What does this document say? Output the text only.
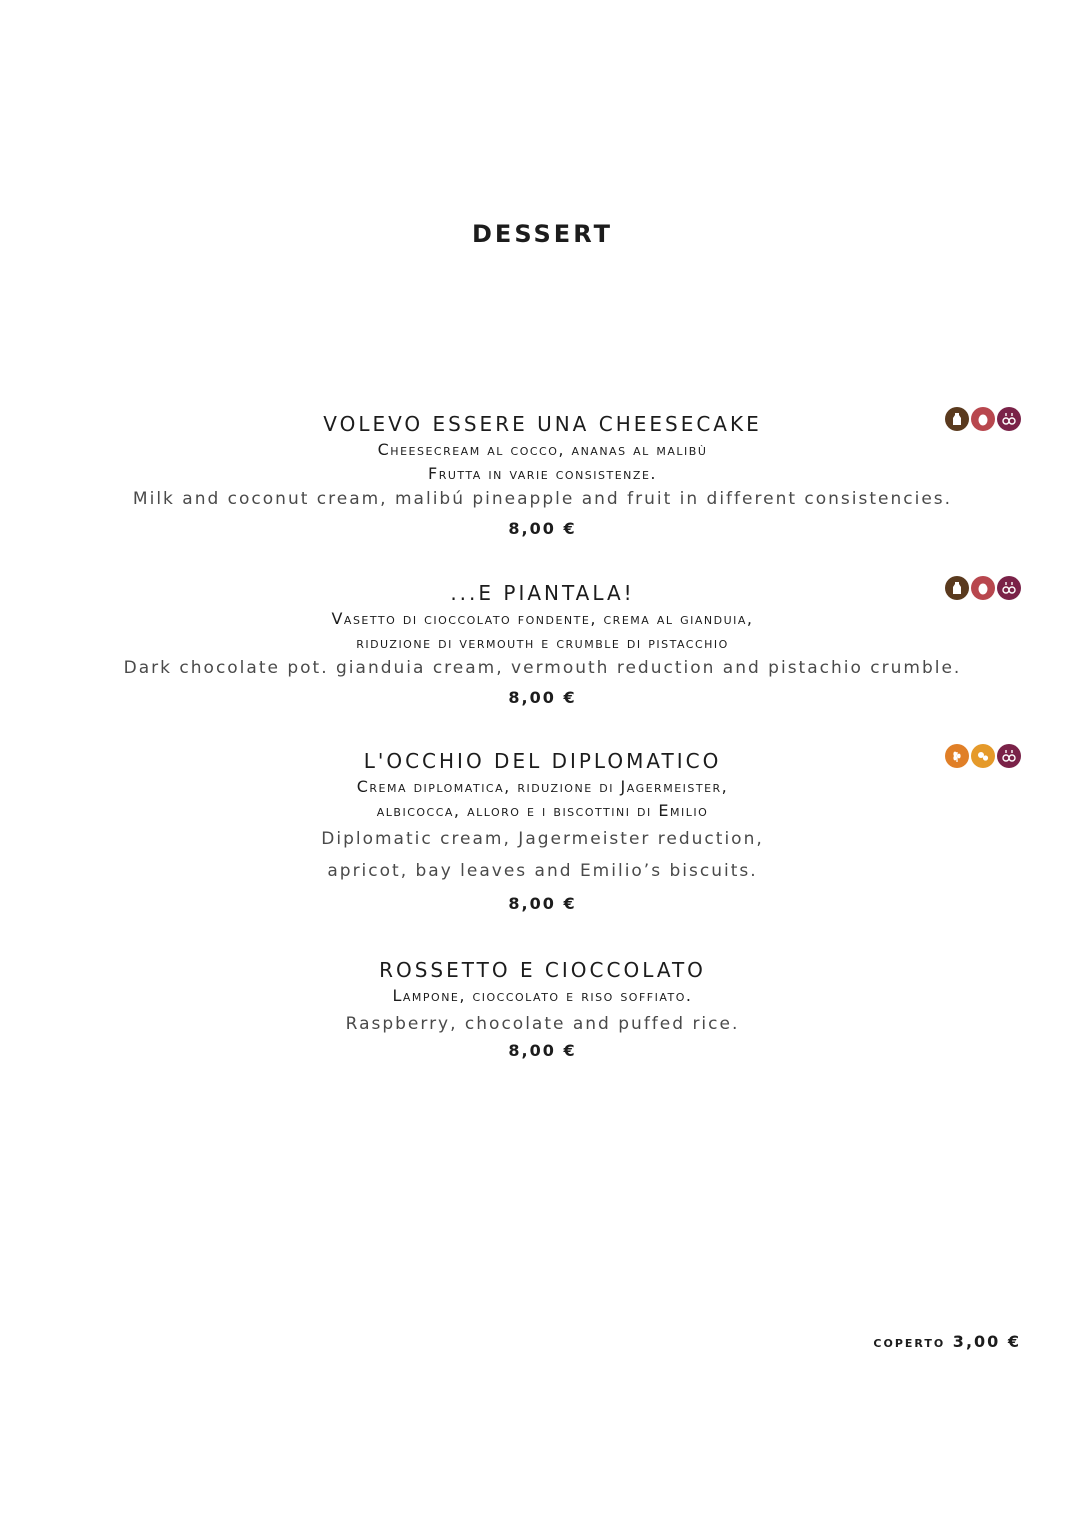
DESSERT
VOLEVO ESSERE UNA CHEESECAKE
Cheesecream al cocco, ananas al malibù
Frutta in varie consistenze.
Milk and coconut cream, malibú pineapple and fruit in different consistencies.
8,00 €
...E PIANTALA!
Vasetto di cioccolato fondente, crema al gianduia,
riduzione di vermouth e crumble di pistacchio
Dark chocolate pot. gianduia cream, vermouth reduction and pistachio crumble.
8,00 €
L'OCCHIO DEL DIPLOMATICO
Crema diplomatica, riduzione di Jagermeister,
albicocca, alloro e i biscottini di Emilio
Diplomatic cream, Jagermeister reduction,
apricot, bay leaves and Emilio’s biscuits.
8,00 €
ROSSETTO E CIOCCOLATO
Lampone, cioccolato e riso soffiato.
Raspberry, chocolate and puffed rice.
8,00 €
coperto 3,00 €
